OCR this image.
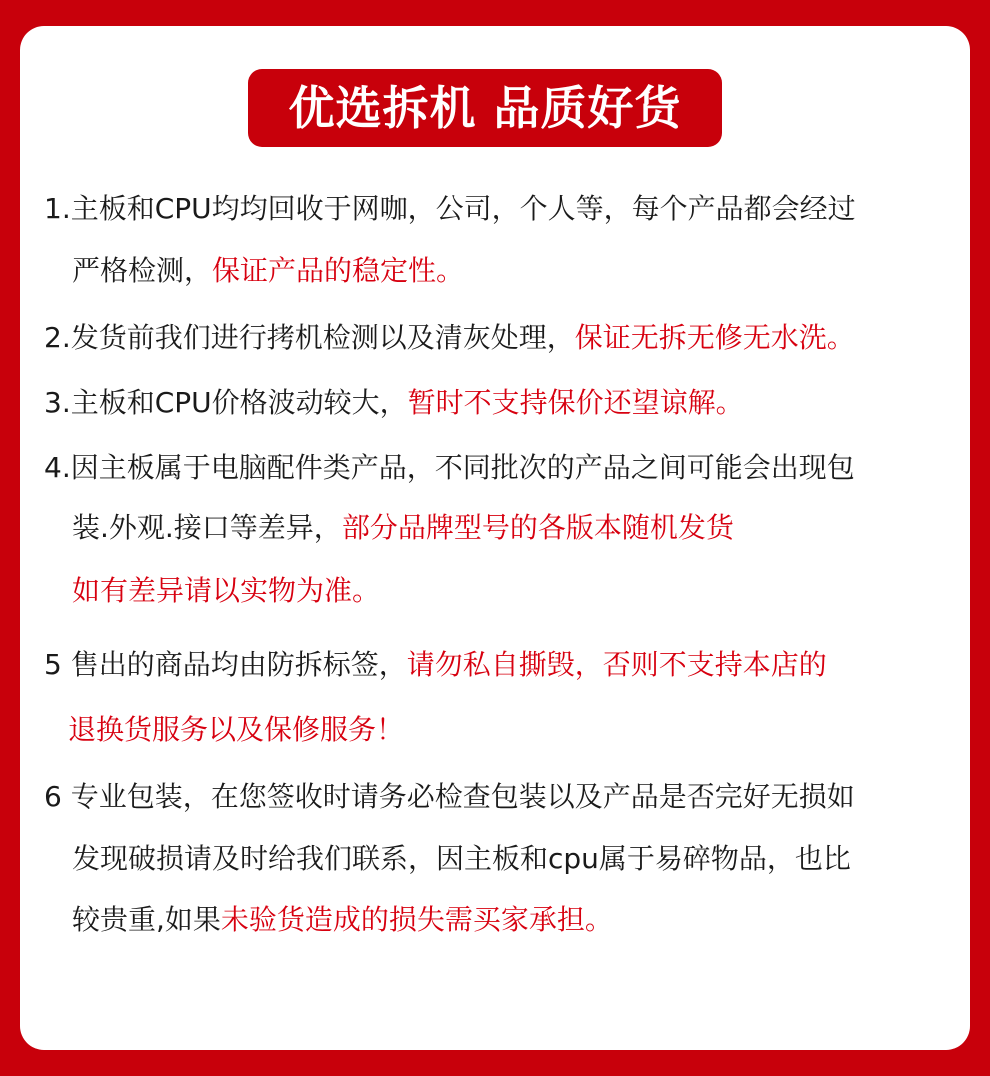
优选拆机 品质好货
1.主板和CPU均均回收于网咖，公司，个人等，每个产品都会经过
严格检测，保证产品的稳定性。
2.发货前我们进行拷机检测以及清灰处理，保证无拆无修无水洗。
3.主板和CPU价格波动较大，暂时不支持保价还望谅解。
4.因主板属于电脑配件类产品，不同批次的产品之间可能会出现包
装.外观.接口等差异，部分品牌型号的各版本随机发货
如有差异请以实物为准。
5 售出的商品均由防拆标签，请勿私自撕毁，否则不支持本店的
退换货服务以及保修服务！
6 专业包装，在您签收时请务必检查包装以及产品是否完好无损如
发现破损请及时给我们联系，因主板和cpu属于易碎物品，也比
较贵重,如果未验货造成的损失需买家承担。
